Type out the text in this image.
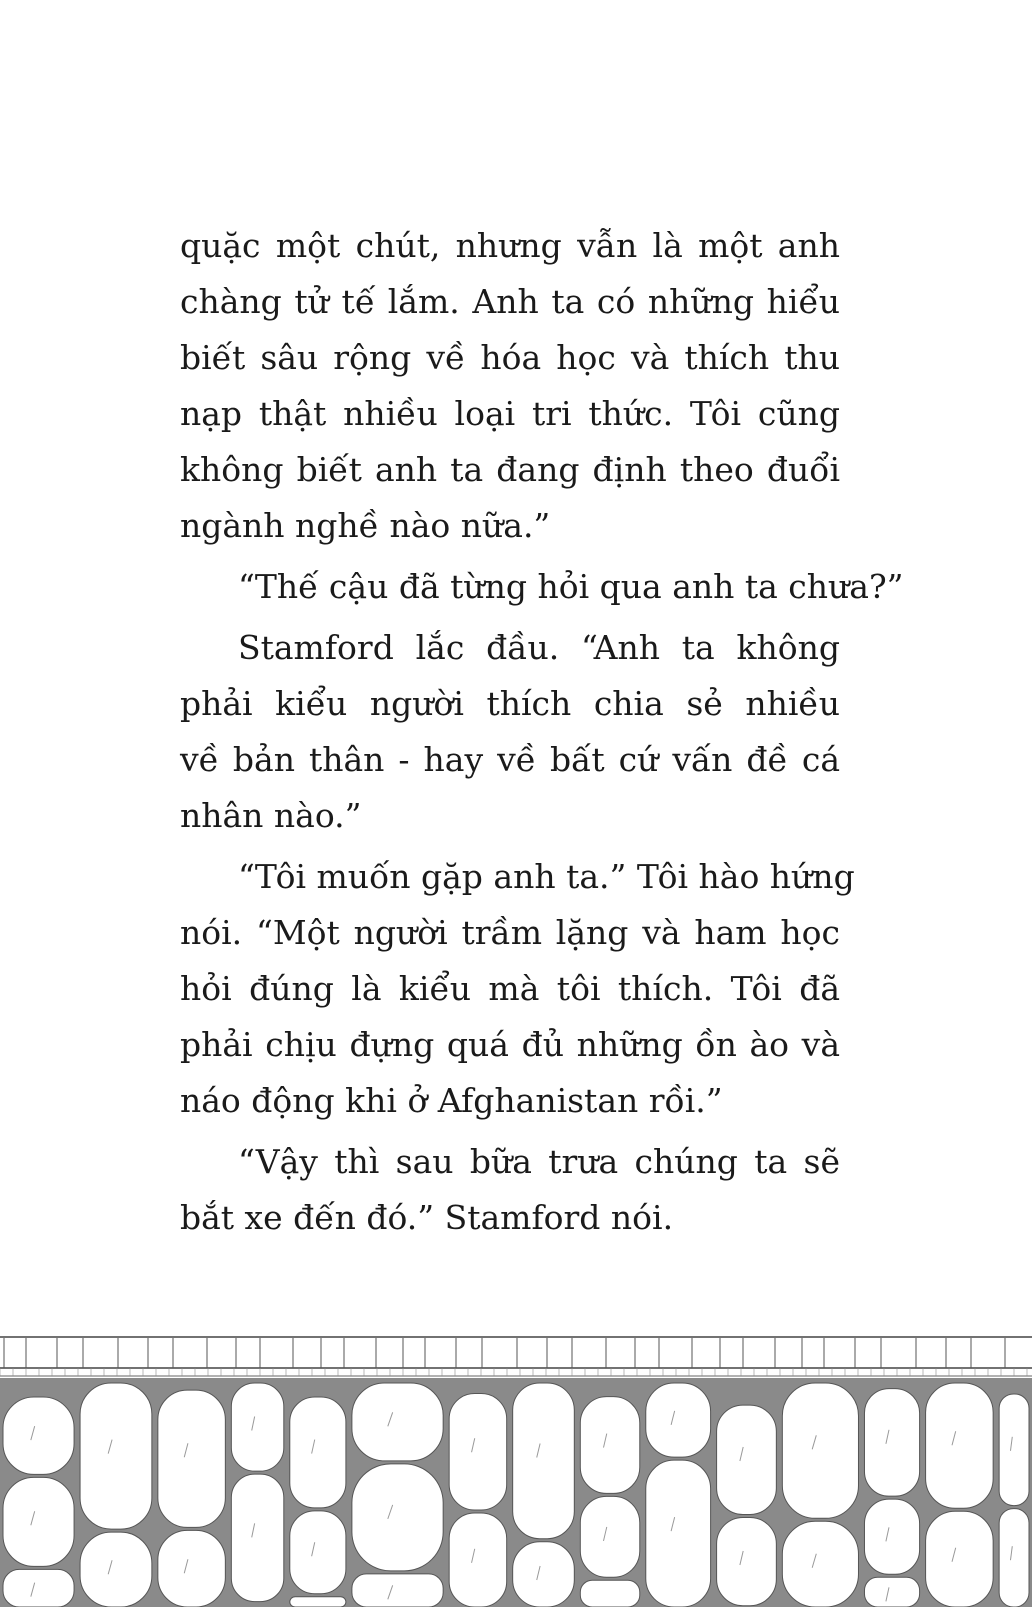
quặc một chút, nhưng vẫn là một anh
chàng tử tế lắm. Anh ta có những hiểu
biết sâu rộng về hóa học và thích thu
nạp thật nhiều loại tri thức. Tôi cũng
không biết anh ta đang định theo đuổi
ngành nghề nào nữa.”
“Thế cậu đã từng hỏi qua anh ta chưa?”
Stamford lắc đầu. “Anh ta không
phải kiểu người thích chia sẻ nhiều
về bản thân - hay về bất cứ vấn đề cá
nhân nào.”
“Tôi muốn gặp anh ta.” Tôi hào hứng
nói. “Một người trầm lặng và ham học
hỏi đúng là kiểu mà tôi thích. Tôi đã
phải chịu đựng quá đủ những ồn ào và
náo động khi ở Afghanistan rồi.”
“Vậy thì sau bữa trưa chúng ta sẽ
bắt xe đến đó.” Stamford nói.
